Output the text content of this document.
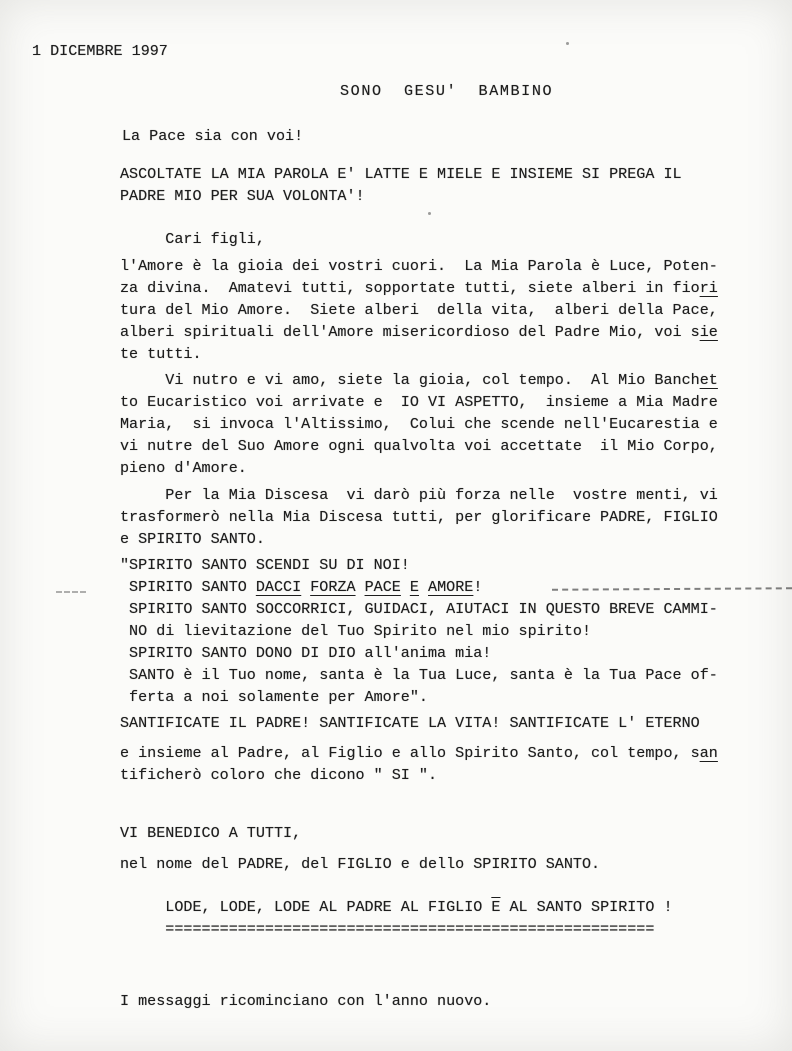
1 DICEMBRE 1997
SONO  GESU'  BAMBINO
La Pace sia con voi!
ASCOLTATE LA MIA PAROLA E' LATTE E MIELE E INSIEME SI PREGA IL
PADRE MIO PER SUA VOLONTA'!
Cari figli,
l'Amore è la gioia dei vostri cuori.  La Mia Parola è Luce, Poten-
za divina.  Amatevi tutti, sopportate tutti, siete alberi in fiori
tura del Mio Amore.  Siete alberi  della vita,  alberi della Pace,
alberi spirituali dell'Amore misericordioso del Padre Mio, voi sie
te tutti.
Vi nutro e vi amo, siete la gioia, col tempo.  Al Mio Banchet
to Eucaristico voi arrivate e  IO VI ASPETTO,  insieme a Mia Madre
Maria,  si invoca l'Altissimo,  Colui che scende nell'Eucarestia e
vi nutre del Suo Amore ogni qualvolta voi accettate  il Mio Corpo,
pieno d'Amore.
Per la Mia Discesa  vi darò più forza nelle  vostre menti, vi
trasformerò nella Mia Discesa tutti, per glorificare PADRE, FIGLIO
e SPIRITO SANTO.
"SPIRITO SANTO SCENDI SU DI NOI!
SPIRITO SANTO DACCI FORZA PACE E AMORE!
SPIRITO SANTO SOCCORRICI, GUIDACI, AIUTACI IN QUESTO BREVE CAMMI-
NO di lievitazione del Tuo Spirito nel mio spirito!
SPIRITO SANTO DONO DI DIO all'anima mia!
SANTO è il Tuo nome, santa è la Tua Luce, santa è la Tua Pace of-
ferta a noi solamente per Amore".
SANTIFICATE IL PADRE! SANTIFICATE LA VITA! SANTIFICATE L' ETERNO
e insieme al Padre, al Figlio e allo Spirito Santo, col tempo, san
tificherò coloro che dicono " SI ".
VI BENEDICO A TUTTI,
nel nome del PADRE, del FIGLIO e dello SPIRITO SANTO.
LODE, LODE, LODE AL PADRE AL FIGLIO $\overline{E}$ AL SANTO SPIRITO !
======================================================
I messaggi ricominciano con l'anno nuovo.
